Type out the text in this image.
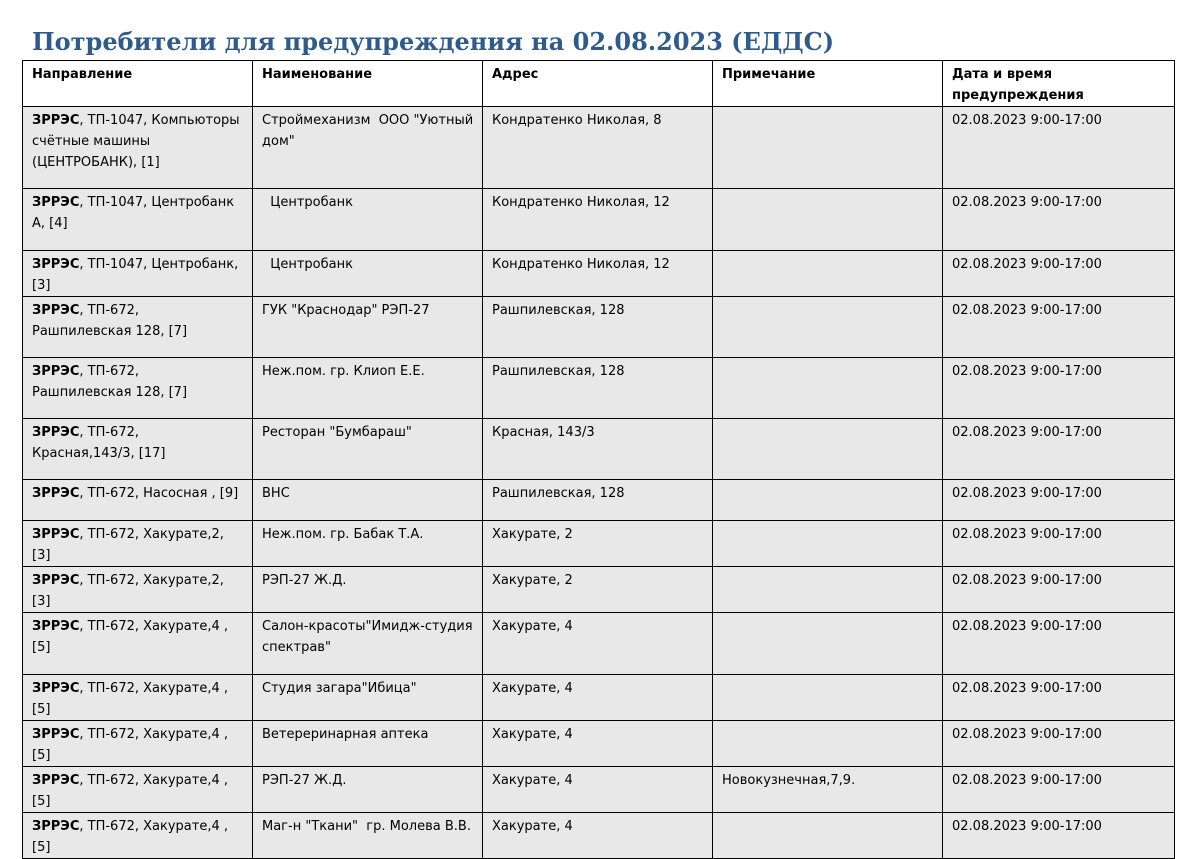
Потребители для предупреждения на 02.08.2023 (ЕДДС)
Направление	Наименование	Адрес	Примечание	Дата и время предупреждения
ЗРРЭС, ТП-1047, Компьюторы счётные машины (ЦЕНТРОБАНК), [1]	Строймеханизм  ООО "Уютный дом"	Кондратенко Николая, 8		02.08.2023 9:00-17:00
ЗРРЭС, ТП-1047, Центробанк А, [4]	Центробанк	Кондратенко Николая, 12		02.08.2023 9:00-17:00
ЗРРЭС, ТП-1047, Центробанк, [3]	Центробанк	Кондратенко Николая, 12		02.08.2023 9:00-17:00
ЗРРЭС, ТП-672,  Рашпилевская 128, [7]	ГУК "Краснодар" РЭП-27	Рашпилевская, 128		02.08.2023 9:00-17:00
ЗРРЭС, ТП-672,  Рашпилевская 128, [7]	Неж.пом. гр. Клиоп Е.Е.	Рашпилевская, 128		02.08.2023 9:00-17:00
ЗРРЭС, ТП-672, Красная,143/3, [17]	Ресторан "Бумбараш"	Красная, 143/3		02.08.2023 9:00-17:00
ЗРРЭС, ТП-672, Насосная , [9]	ВНС	Рашпилевская, 128		02.08.2023 9:00-17:00
ЗРРЭС, ТП-672, Хакурате,2, [3]	Неж.пом. гр. Бабак Т.А.	Хакурате, 2		02.08.2023 9:00-17:00
ЗРРЭС, ТП-672, Хакурате,2, [3]	РЭП-27 Ж.Д.	Хакурате, 2		02.08.2023 9:00-17:00
ЗРРЭС, ТП-672, Хакурате,4 , [5]	Салон-красоты"Имидж-студия спектрав"	Хакурате, 4		02.08.2023 9:00-17:00
ЗРРЭС, ТП-672, Хакурате,4 , [5]	Студия загара"Ибица"	Хакурате, 4		02.08.2023 9:00-17:00
ЗРРЭС, ТП-672, Хакурате,4 , [5]	Ветереринарная аптека	Хакурате, 4		02.08.2023 9:00-17:00
ЗРРЭС, ТП-672, Хакурате,4 , [5]	РЭП-27 Ж.Д.	Хакурате, 4	Новокузнечная,7,9.	02.08.2023 9:00-17:00
ЗРРЭС, ТП-672, Хакурате,4 , [5]	Маг-н "Ткани"  гр. Молева В.В.	Хакурате, 4		02.08.2023 9:00-17:00
